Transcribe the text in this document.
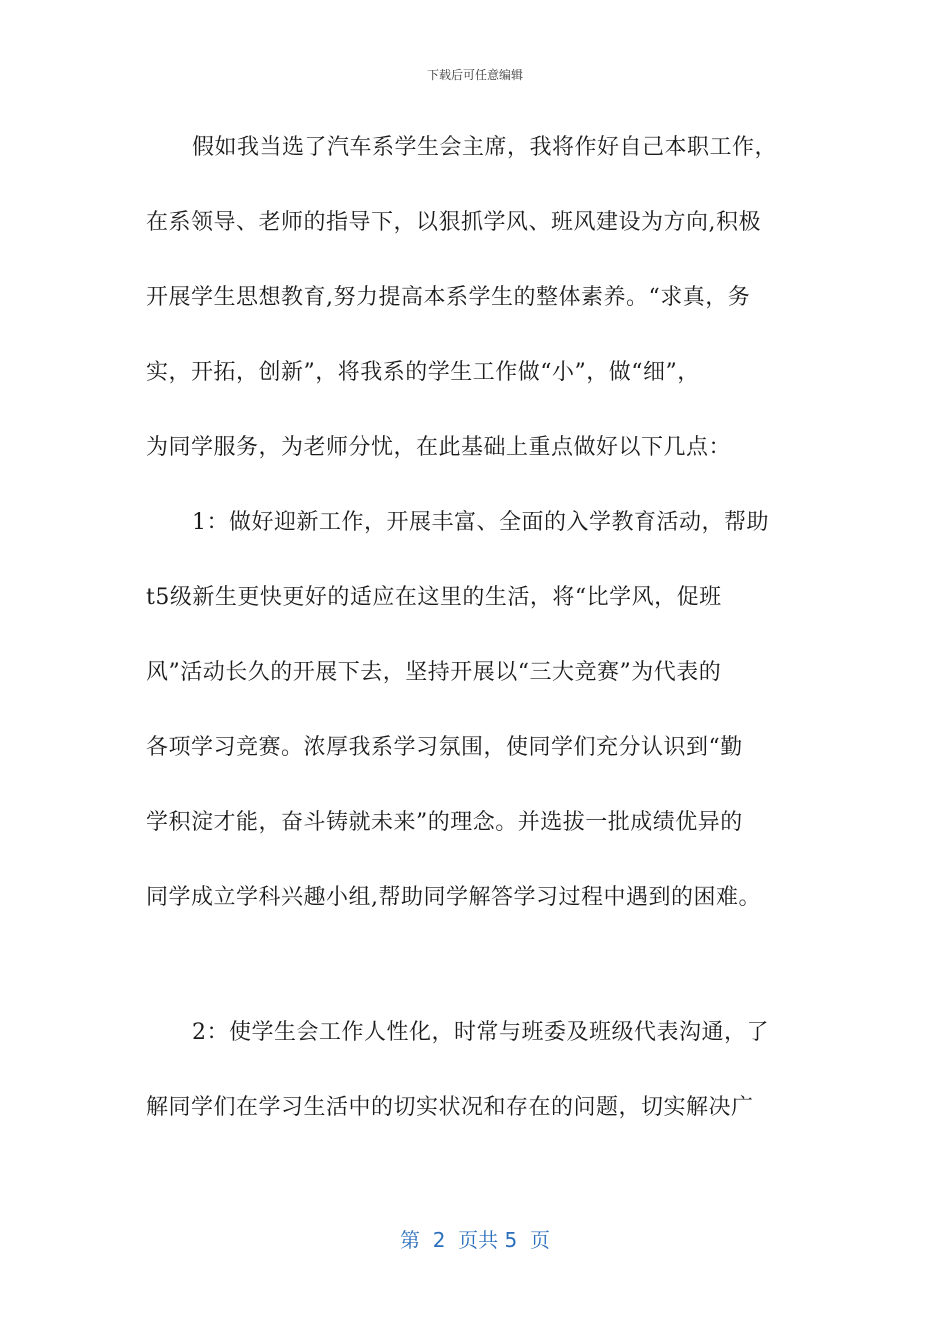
下载后可任意编辑
假如我当选了汽车系学生会主席，我将作好自己本职工作，
在系领导、老师的指导下，以狠抓学风、班风建设为方向,积极
开展学生思想教育,努力提高本系学生的整体素养。“求真，务
实，开拓，创新”，将我系的学生工作做“小”，做“细”，
为同学服务，为老师分忧，在此基础上重点做好以下几点：
1：做好迎新工作，开展丰富、全面的入学教育活动，帮助
t5级新生更快更好的适应在这里的生活，将“比学风，促班
风”活动长久的开展下去，坚持开展以“三大竞赛”为代表的
各项学习竞赛。浓厚我系学习氛围，使同学们充分认识到“勤
学积淀才能，奋斗铸就未来”的理念。并选拔一批成绩优异的
同学成立学科兴趣小组,帮助同学解答学习过程中遇到的困难。
2：使学生会工作人性化，时常与班委及班级代表沟通，了
解同学们在学习生活中的切实状况和存在的问题，切实解决广
第  2  页共 5  页
